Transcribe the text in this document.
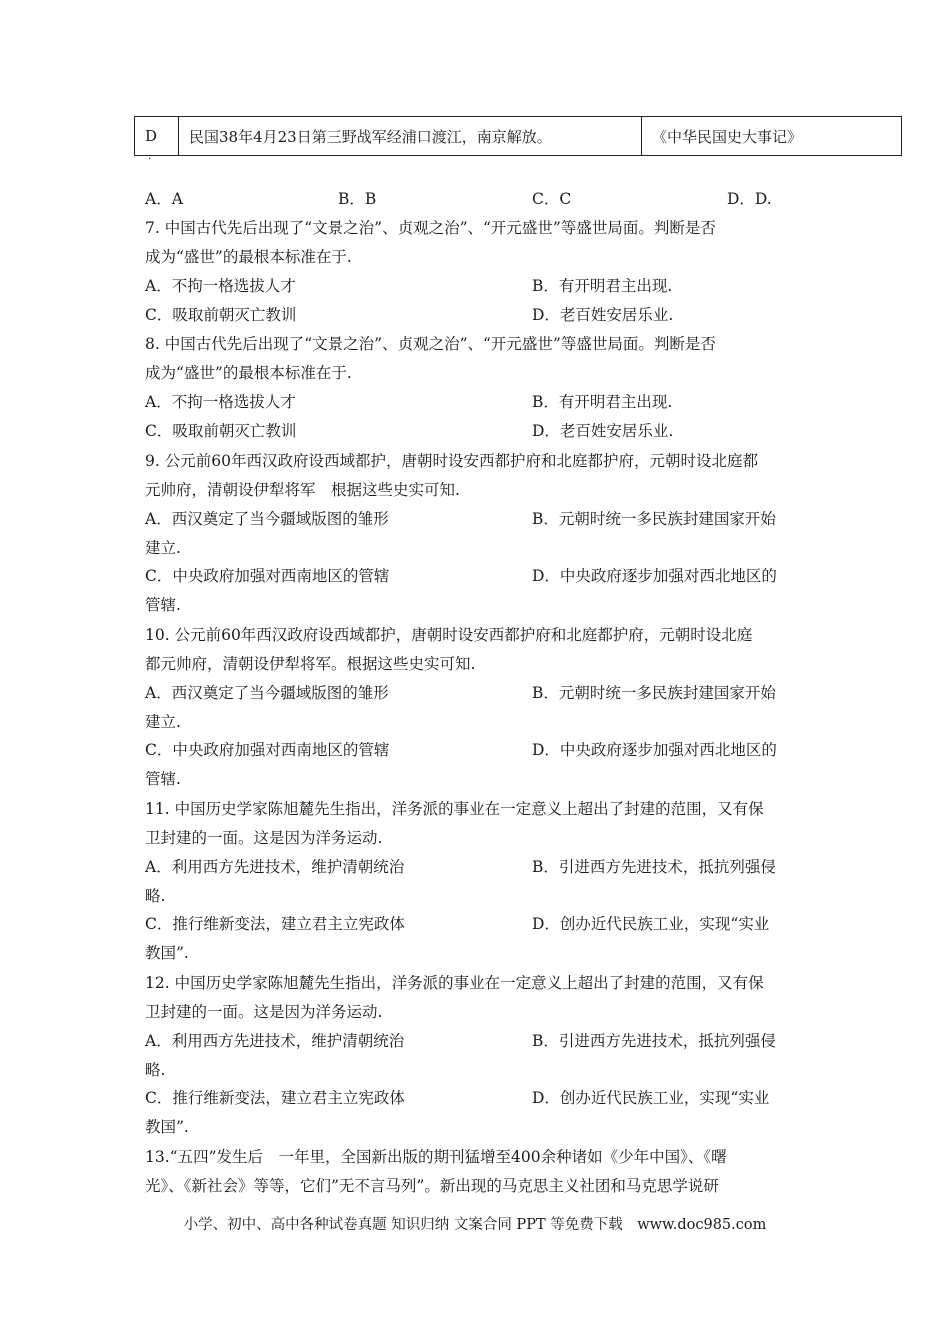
D	民国38年4月23日第三野战军经浦口渡江，南京解放。	《中华民国史大事记》
·
A．A	B．B	C．C	D．D.
7. 中国古代先后出现了“文景之治”、贞观之治”、“开元盛世”等盛世局面。判断是否
成为“盛世”的最根本标准在于.
A．不拘一格选拔人才	B．有开明君主出现.
C．吸取前朝灭亡教训	D．老百姓安居乐业.
8. 中国古代先后出现了“文景之治”、贞观之治”、“开元盛世”等盛世局面。判断是否
成为“盛世”的最根本标准在于.
A．不拘一格选拔人才	B．有开明君主出现.
C．吸取前朝灭亡教训	D．老百姓安居乐业.
9. 公元前60年西汉政府设西域都护，唐朝时设安西都护府和北庭都护府，元朝时设北庭都
元帅府，清朝设伊犁将军　根据这些史实可知.
A．西汉奠定了当今疆域版图的雏形	B．元朝时统一多民族封建国家开始
建立.
C．中央政府加强对西南地区的管辖	D．中央政府逐步加强对西北地区的
管辖.
10. 公元前60年西汉政府设西域都护，唐朝时设安西都护府和北庭都护府，元朝时设北庭
都元帅府，清朝设伊犁将军。根据这些史实可知.
A．西汉奠定了当今疆域版图的雏形	B．元朝时统一多民族封建国家开始
建立.
C．中央政府加强对西南地区的管辖	D．中央政府逐步加强对西北地区的
管辖.
11. 中国历史学家陈旭麓先生指出，洋务派的事业在一定意义上超出了封建的范围，又有保
卫封建的一面。这是因为洋务运动.
A．利用西方先进技术，维护清朝统治	B．引进西方先进技术，抵抗列强侵
略.
C．推行维新变法，建立君主立宪政体	D．创办近代民族工业，实现“实业
教国”.
12. 中国历史学家陈旭麓先生指出，洋务派的事业在一定意义上超出了封建的范围，又有保
卫封建的一面。这是因为洋务运动.
A．利用西方先进技术，维护清朝统治	B．引进西方先进技术，抵抗列强侵
略.
C．推行维新变法，建立君主立宪政体	D．创办近代民族工业，实现“实业
教国”.
13.“五四”发生后　一年里，全国新出版的期刊猛增至400余种诸如《少年中国》、《曙
光》、《新社会》等等，它们”无不言马列”。新出现的马克思主义社团和马克思学说研
小学、初中、高中各种试卷真题 知识归纳 文案合同 PPT 等免费下载　www.doc985.com
